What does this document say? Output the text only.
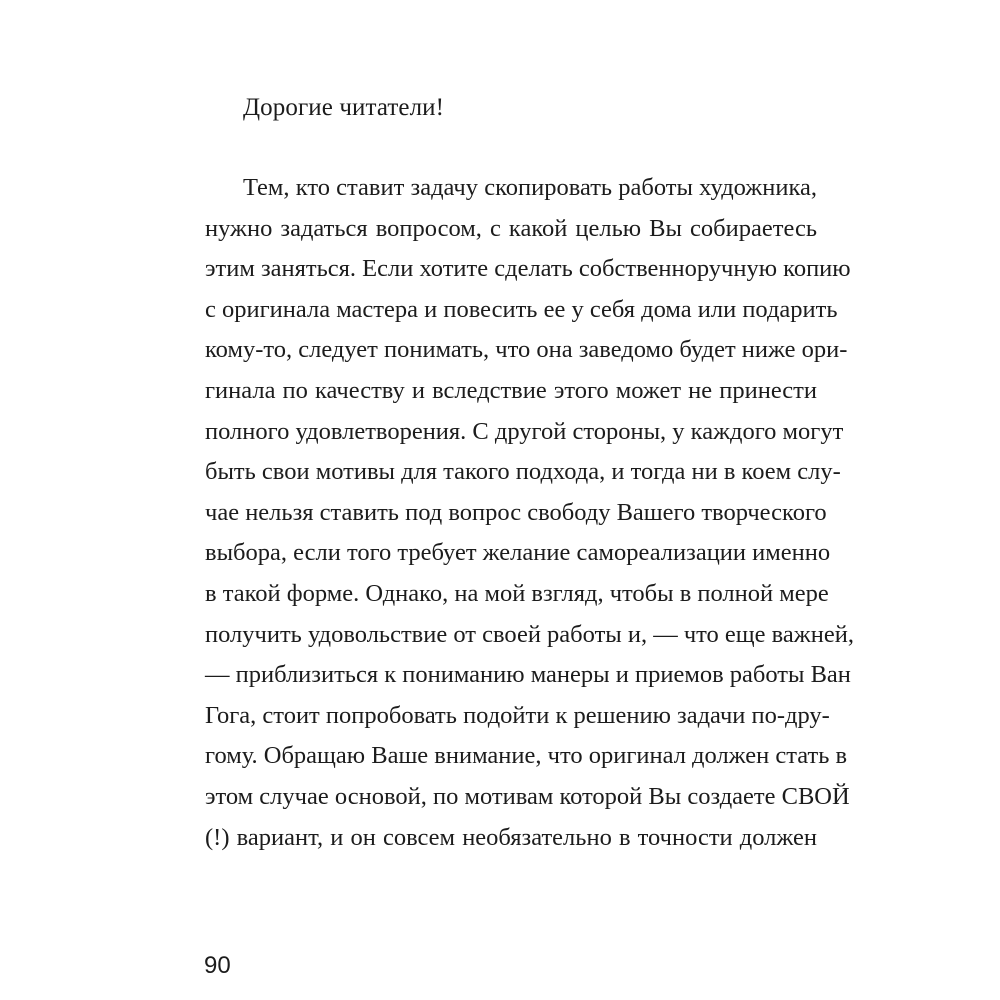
Дорогие читатели!
Тем, кто ставит задачу скопировать работы художника,
нужно задаться вопросом, с какой целью Вы собираетесь
этим заняться. Если хотите сделать собственноручную копию
с оригинала мастера и повесить ее у себя дома или подарить
кому-то, следует понимать, что она заведомо будет ниже ори-
гинала по качеству и вследствие этого может не принести
полного удовлетворения. С другой стороны, у каждого могут
быть свои мотивы для такого подхода, и тогда ни в коем слу-
чае нельзя ставить под вопрос свободу Вашего творческого
выбора, если того требует желание самореализации именно
в такой форме. Однако, на мой взгляд, чтобы в полной мере
получить удовольствие от своей работы и, — что еще важней,
— приблизиться к пониманию манеры и приемов работы Ван
Гога, стоит попробовать подойти к решению задачи по-дру-
гому. Обращаю Ваше внимание, что оригинал должен стать в
этом случае основой, по мотивам которой Вы создаете СВОЙ
(!) вариант, и он совсем необязательно в точности должен
90
